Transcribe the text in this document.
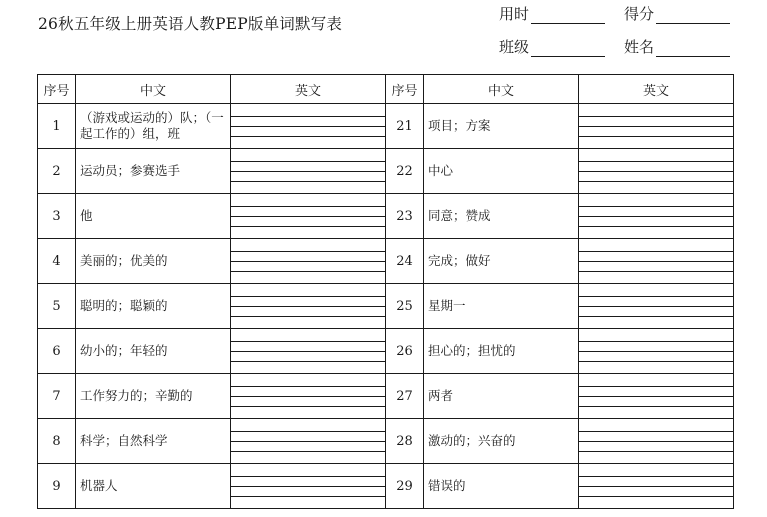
26秋五年级上册英语人教PEP版单词默写表
用时	得分
班级	姓名
序号	中文	英文	序号	中文	英文
1	（游戏或运动的）队；（一起工作的）组，班		21	项目；方案	

2	运动员；参赛选手		22	中心	

3	他		23	同意；赞成	

4	美丽的；优美的		24	完成；做好	

5	聪明的；聪颖的		25	星期一	

6	幼小的；年轻的		26	担心的；担忧的	

7	工作努力的；辛勤的		27	两者	

8	科学；自然科学		28	激动的；兴奋的	

9	机器人		29	错误的	
